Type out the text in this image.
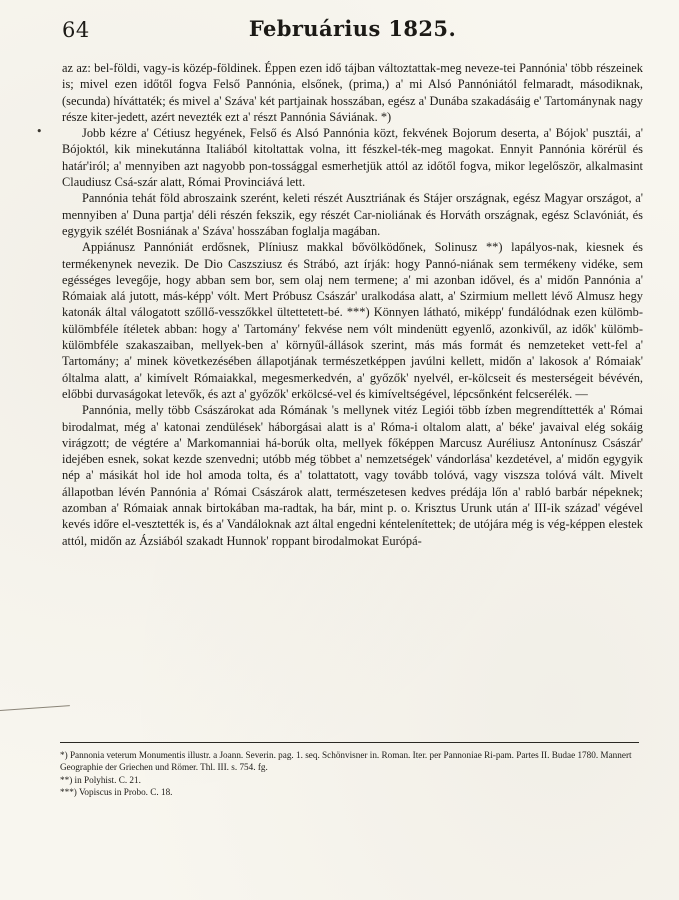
64	Februárius 1825.

az az: bel-földi, vagy-is közép-földinek. Éppen ezen idő tájban változtattak-meg neveze-tei Pannónia' több részeinek is; mivel ezen időtől fogva Felső Pannónia, elsőnek, (prima,) a' mi Alsó Pannóniától felmaradt, másodiknak, (secunda) híváttaték; és mivel a' Száva' két partjainak hosszában, egész a' Dunába szakadásáig e' Tartománynak nagy része kiter-jedett, azért nevezték ezt a' részt Pannónia Sáviának. *)

Jobb kézre a' Cétiusz hegyének, Felső és Alsó Pannónia közt, fekvének Bojorum deserta, a' Bójok' pusztái, a' Bójoktól, kik minekutánna Italiából kitoltattak volna, itt fészkel-ték-meg magokat. Ennyit Pannónia körérül és határ'iról; a' mennyiben azt nagyobb pon-tossággal esmerhetjük attól az időtől fogva, mikor legelőször, alkalmasint Claudiusz Csá-szár alatt, Római Provinciává lett.

Pannónia tehát föld abroszaink szerént, keleti részét Ausztriának és Stájer országnak, egész Magyar országot, a' mennyiben a' Duna partja' déli részén fekszik, egy részét Car-nioliának és Horváth országnak, egész Sclavóniát, és egygyik szélét Bosniának a' Száva' hosszában foglalja magában.

Appiánusz Pannóniát erdősnek, Plíniusz makkal bővölködőnek, Solinusz **) lapályos-nak, kiesnek és termékenynek nevezik. De Dio Caszsziusz és Strábó, azt írják: hogy Pannó-niának sem termékeny vidéke, sem egésséges levegője, hogy abban sem bor, sem olaj nem termene; a' mi azonban idővel, és a' midőn Pannónia a' Rómaiak alá jutott, más-képp' vólt. Mert Próbusz Császár' uralkodása alatt, a' Szirmium mellett lévő Almusz hegy katonák által válogatott szőllő-vesszőkkel ültettetett-bé. ***) Könnyen látható, miképp' fundálódnak ezen külömb-külömbféle ítéletek abban: hogy a' Tartomány' fekvése nem vólt mindenütt egyenlő, azonkivűl, az idők' külömb-külömbféle szakaszaiban, mellyek-ben a' környűl-állások szerint, más más formát és nemzeteket vett-fel a' Tartomány; a' minek következésében állapotjának természetképpen javúlni kellett, midőn a' lakosok a' Rómaiak' óltalma alatt, a' kimívelt Rómaiakkal, megesmerkedvén, a' győzők' nyelvél, er-kölcseit és mesterségeit bévévén, előbbi durvaságokat letevők, és azt a' győzők' erkölcsé-vel és kimíveltségével, lépcsőnként felcserélék. —

Pannónia, melly több Császárokat ada Rómának 's mellynek vitéz Legiói több ízben megrendíttették a' Római birodalmat, még a' katonai zendülések' háborgásai alatt is a' Róma-i oltalom alatt, a' béke' javaival elég sokáig virágzott; de végtére a' Markomanniai há-borúk olta, mellyek főképpen Marcusz Auréliusz Antonínusz Császár' idejében esnek, sokat kezde szenvedni; utóbb még többet a' nemzetségek' vándorlása' kezdetével, a' midőn egygyik nép a' másikát hol ide hol amoda tolta, és a' tolattatott, vagy tovább tolóvá, vagy viszsza tolóvá vált. Mivelt állapotban lévén Pannónia a' Római Császárok alatt, természetesen kedves prédája lőn a' rabló barbár népeknek; azomban a' Rómaiak annak birtokában ma-radtak, ha bár, mint p. o. Krisztus Urunk után a' III-ik század' végével kevés időre el-vesztették is, és a' Vandáloknak azt által engedni kéntelenítettek; de utójára még is vég-képpen elestek attól, midőn az Ázsiából szakadt Hunnok' roppant birodalmokat Európá-

•

*) Pannonia veterum Monumentis illustr. a Joann. Severin. pag. 1. seq. Schönvisner in. Roman. Iter. per Pannoniae Ri-pam. Partes II. Budae 1780. Mannert Geographie der Griechen und Römer. Thl. III. s. 754. fg.

**) in Polyhist. C. 21.

***) Vopiscus in Probo. C. 18.
